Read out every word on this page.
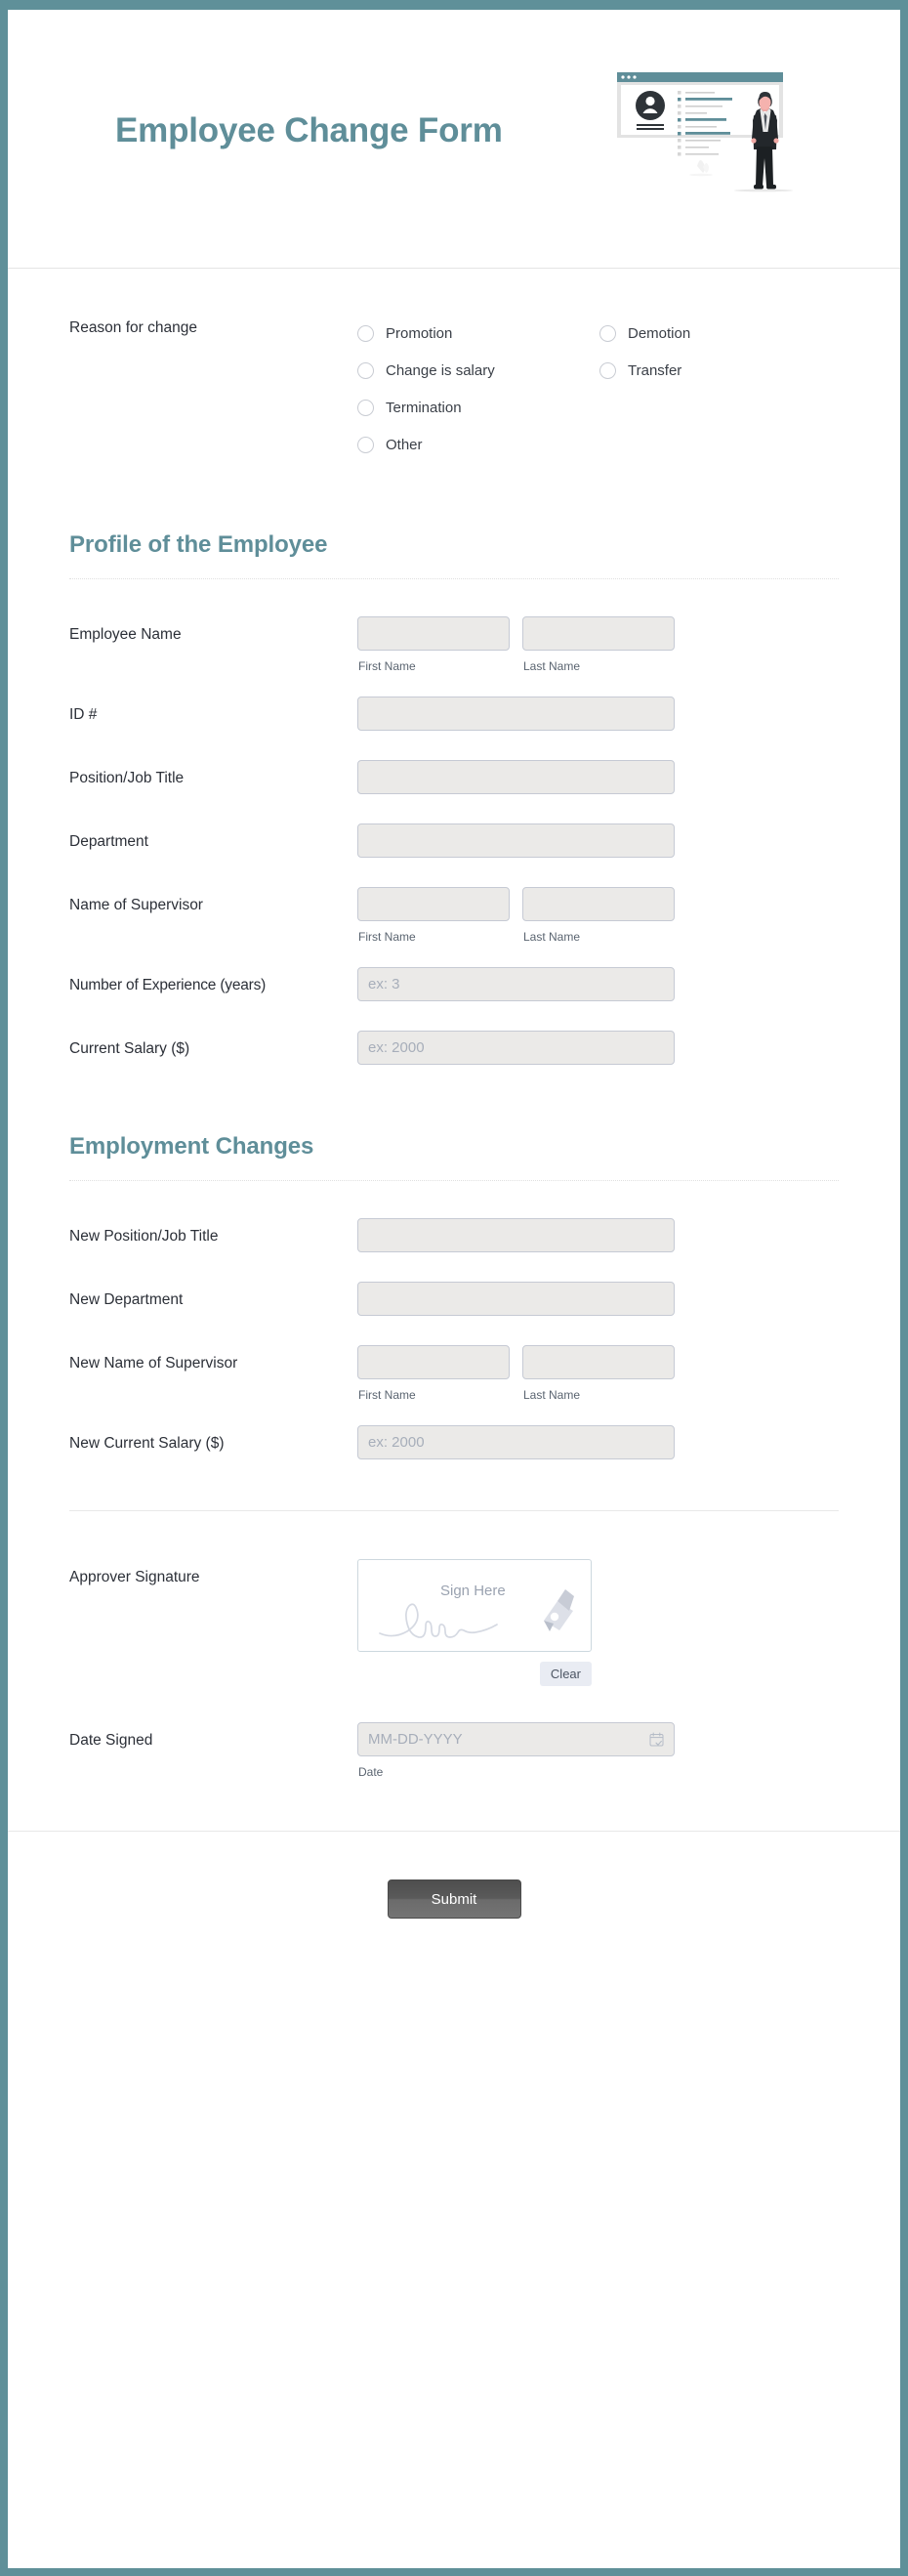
Employee Change Form
Reason for change	Promotion
Change is salary
Termination
Other
Demotion
Transfer
Profile of the Employee
Employee Name
First Name	Last Name
ID #
Position/Job Title
Department
Name of Supervisor
First Name	Last Name
Number of Experience (years)
ex: 3
Current Salary ($)
ex: 2000
Employment Changes
New Position/Job Title
New Department
New Name of Supervisor
First Name	Last Name
New Current Salary ($)
ex: 2000
Approver Signature
Sign Here
Clear
Date Signed
MM-DD-YYYY
Date
Submit
